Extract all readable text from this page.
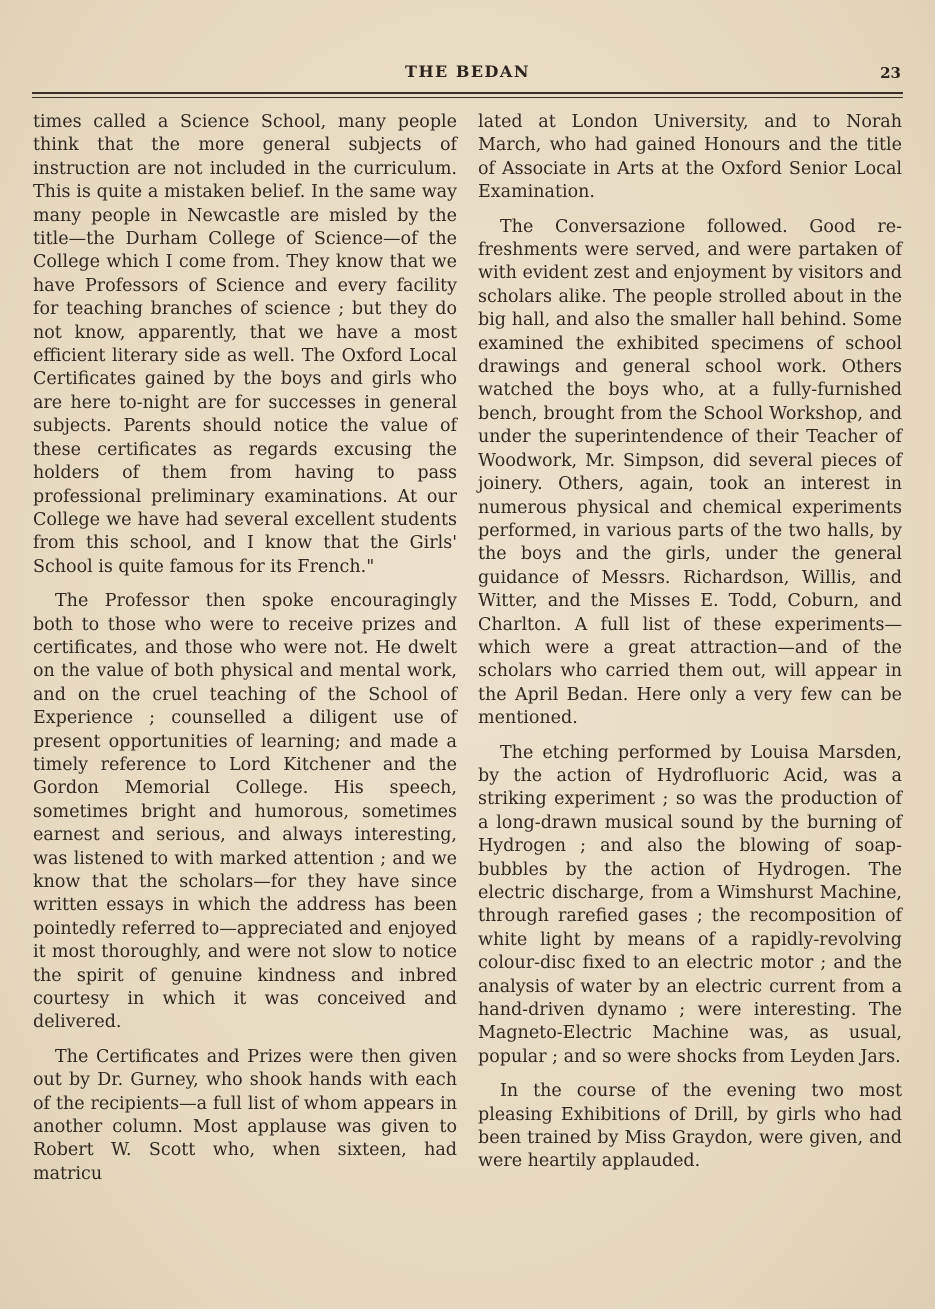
THE BEDAN	23

times called a Science School, many people think that the more general subjects of instruction are not included in the curriculum. This is quite a mistaken belief. In the same way many people in Newcastle are misled by the title—the Durham College of Science—of the College which I come from. They know that we have Professors of Science and every facility for teaching branches of science ; but they do not know, apparently, that we have a most efficient literary side as well. The Oxford Local Certificates gained by the boys and girls who are here to-night are for successes in general subjects. Parents should notice the value of these certificates as regards excusing the holders of them from having to pass professional preliminary examinations. At our College we have had several excellent students from this school, and I know that the Girls' School is quite famous for its French."

The Professor then spoke encouragingly both to those who were to receive prizes and certificates, and those who were not. He dwelt on the value of both physical and mental work, and on the cruel teaching of the School of Experience ; counselled a diligent use of present opportunities of learning; and made a timely reference to Lord Kitchener and the Gordon Memorial College. His speech, sometimes bright and humorous, sometimes earnest and serious, and always interesting, was listened to with marked attention ; and we know that the scholars—for they have since written essays in which the address has been pointedly referred to—appreciated and enjoyed it most thoroughly, and were not slow to notice the spirit of genuine kindness and inbred courtesy in which it was conceived and delivered.

The Certificates and Prizes were then given out by Dr. Gurney, who shook hands with each of the recipients—a full list of whom appears in another column. Most applause was given to Robert W. Scott who, when sixteen, had matricu

lated at London University, and to Norah March, who had gained Honours and the title of Associate in Arts at the Oxford Senior Local Examination.

The Conversazione followed. Good refreshments were served, and were partaken of with evident zest and enjoyment by visitors and scholars alike. The people strolled about in the big hall, and also the smaller hall behind. Some examined the exhibited specimens of school drawings and general school work. Others watched the boys who, at a fully-furnished bench, brought from the School Workshop, and under the superintendence of their Teacher of Woodwork, Mr. Simpson, did several pieces of joinery. Others, again, took an interest in numerous physical and chemical experiments performed, in various parts of the two halls, by the boys and the girls, under the general guidance of Messrs. Richardson, Willis, and Witter, and the Misses E. Todd, Coburn, and Charlton. A full list of these experiments—which were a great attraction—and of the scholars who carried them out, will appear in the April Bedan. Here only a very few can be mentioned.

The etching performed by Louisa Marsden, by the action of Hydrofluoric Acid, was a striking experiment ; so was the production of a long-drawn musical sound by the burning of Hydrogen ; and also the blowing of soap-bubbles by the action of Hydrogen. The electric discharge, from a Wimshurst Machine, through rarefied gases ; the recomposition of white light by means of a rapidly-revolving colour-disc fixed to an electric motor ; and the analysis of water by an electric current from a hand-driven dynamo ; were interesting. The Magneto-Electric Machine was, as usual, popular ; and so were shocks from Leyden Jars.

In the course of the evening two most pleasing Exhibitions of Drill, by girls who had been trained by Miss Graydon, were given, and were heartily applauded.
